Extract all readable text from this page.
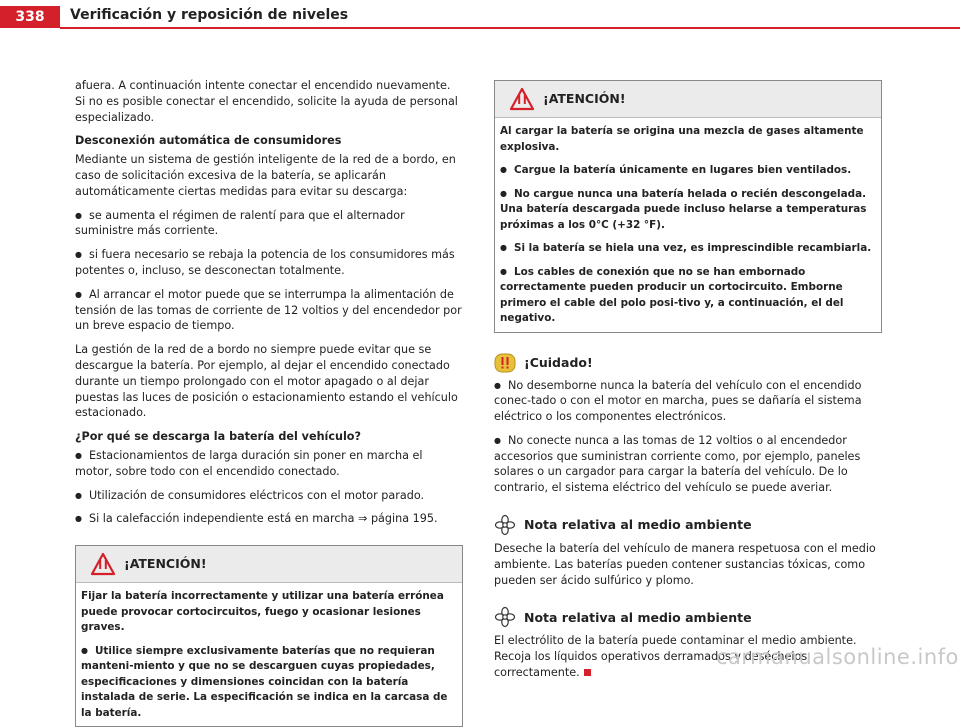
338	Verificación y reposición de niveles

afuera. A continuación intente conectar el encendido nuevamente. Si no es posible conectar el encendido, solicite la ayuda de personal especializado.

Desconexión automática de consumidores

Mediante un sistema de gestión inteligente de la red de a bordo, en caso de solicitación excesiva de la batería, se aplicarán automáticamente ciertas medidas para evitar su descarga:

● se aumenta el régimen de ralentí para que el alternador suministre más corriente.

● si fuera necesario se rebaja la potencia de los consumidores más potentes o, incluso, se desconectan totalmente.

● Al arrancar el motor puede que se interrumpa la alimentación de tensión de las tomas de corriente de 12 voltios y del encendedor por un breve espacio de tiempo.

La gestión de la red de a bordo no siempre puede evitar que se descargue la batería. Por ejemplo, al dejar el encendido conectado durante un tiempo prolongado con el motor apagado o al dejar puestas las luces de posición o estacionamiento estando el vehículo estacionado.

¿Por qué se descarga la batería del vehículo?

● Estacionamientos de larga duración sin poner en marcha el motor, sobre todo con el encendido conectado.

● Utilización de consumidores eléctricos con el motor parado.

● Si la calefacción independiente está en marcha ⇒ página 195.

¡ATENCIÓN!

Fijar la batería incorrectamente y utilizar una batería errónea puede provocar cortocircuitos, fuego y ocasionar lesiones graves.

● Utilice siempre exclusivamente baterías que no requieran manteni-miento y que no se descarguen cuyas propiedades, especificaciones y dimensiones coincidan con la batería instalada de serie. La especificación se indica en la carcasa de la batería.

¡ATENCIÓN!

Al cargar la batería se origina una mezcla de gases altamente explosiva.

● Cargue la batería únicamente en lugares bien ventilados.

● No cargue nunca una batería helada o recién descongelada. Una batería descargada puede incluso helarse a temperaturas próximas a los 0°C (+32 °F).

● Si la batería se hiela una vez, es imprescindible recambiarla.

● Los cables de conexión que no se han embornado correctamente pueden producir un cortocircuito. Emborne primero el cable del polo posi-tivo y, a continuación, el del negativo.

¡Cuidado!

● No desemborne nunca la batería del vehículo con el encendido conec-tado o con el motor en marcha, pues se dañaría el sistema eléctrico o los componentes electrónicos.

● No conecte nunca a las tomas de 12 voltios o al encendedor accesorios que suministran corriente como, por ejemplo, paneles solares o un cargador para cargar la batería del vehículo. De lo contrario, el sistema eléctrico del vehículo se puede averiar.

Nota relativa al medio ambiente

Deseche la batería del vehículo de manera respetuosa con el medio ambiente. Las baterías pueden contener sustancias tóxicas, como pueden ser ácido sulfúrico y plomo.

Nota relativa al medio ambiente

El electrólito de la batería puede contaminar el medio ambiente. Recoja los líquidos operativos derramados y deséchelos correctamente.

carmanualsonline.info
